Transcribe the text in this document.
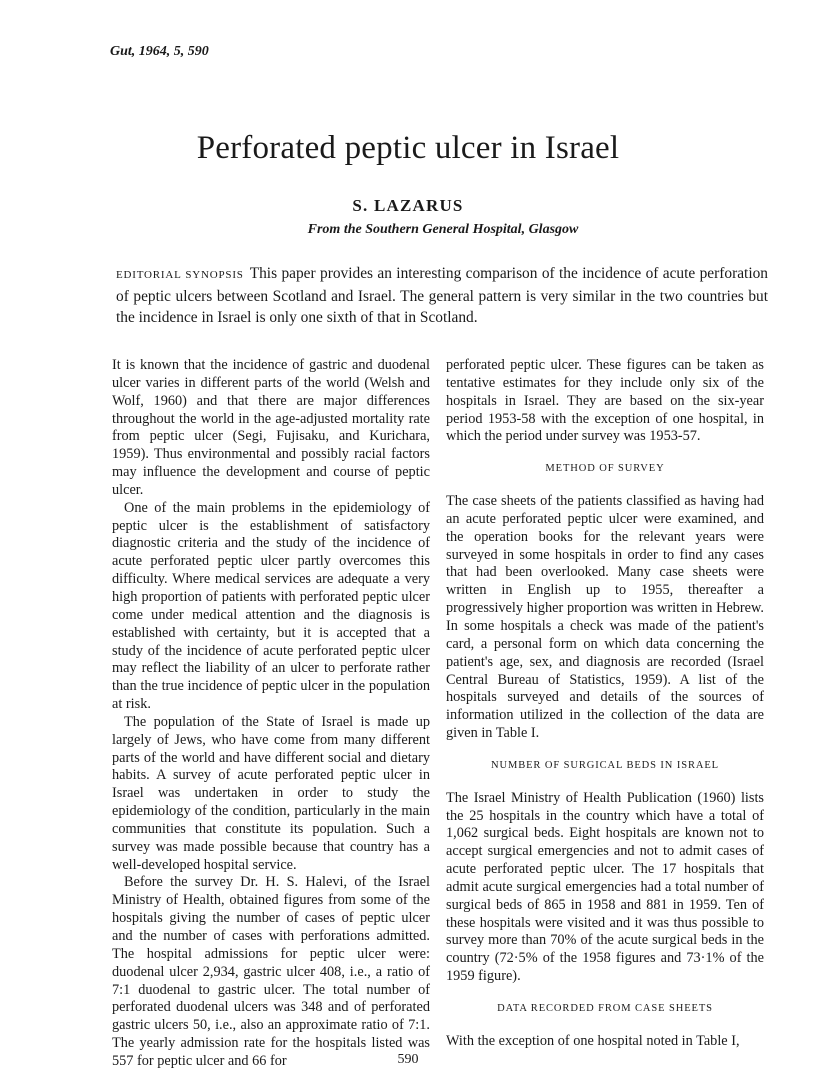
Gut, 1964, 5, 590
Perforated peptic ulcer in Israel
S. LAZARUS
From the Southern General Hospital, Glasgow
EDITORIAL SYNOPSIS This paper provides an interesting comparison of the incidence of acute perforation of peptic ulcers between Scotland and Israel. The general pattern is very similar in the two countries but the incidence in Israel is only one sixth of that in Scotland.

It is known that the incidence of gastric and duodenal ulcer varies in different parts of the world (Welsh and Wolf, 1960) and that there are major differences throughout the world in the age-adjusted mortality rate from peptic ulcer (Segi, Fujisaku, and Kurichara, 1959). Thus environmental and possibly racial factors may influence the development and course of peptic ulcer.

One of the main problems in the epidemiology of peptic ulcer is the establishment of satisfactory diagnostic criteria and the study of the incidence of acute perforated peptic ulcer partly overcomes this difficulty. Where medical services are adequate a very high proportion of patients with perforated peptic ulcer come under medical attention and the diagnosis is established with certainty, but it is accepted that a study of the incidence of acute perforated peptic ulcer may reflect the liability of an ulcer to perforate rather than the true incidence of peptic ulcer in the population at risk.

The population of the State of Israel is made up largely of Jews, who have come from many different parts of the world and have different social and dietary habits. A survey of acute perforated peptic ulcer in Israel was undertaken in order to study the epidemiology of the condition, particularly in the main communities that constitute its population. Such a survey was made possible because that country has a well-developed hospital service.

Before the survey Dr. H. S. Halevi, of the Israel Ministry of Health, obtained figures from some of the hospitals giving the number of cases of peptic ulcer and the number of cases with perforations admitted. The hospital admissions for peptic ulcer were: duodenal ulcer 2,934, gastric ulcer 408, i.e., a ratio of 7:1 duodenal to gastric ulcer. The total number of perforated duodenal ulcers was 348 and of perforated gastric ulcers 50, i.e., also an approximate ratio of 7:1. The yearly admission rate for the hospitals listed was 557 for peptic ulcer and 66 for

perforated peptic ulcer. These figures can be taken as tentative estimates for they include only six of the hospitals in Israel. They are based on the six-year period 1953-58 with the exception of one hospital, in which the period under survey was 1953-57.

METHOD OF SURVEY

The case sheets of the patients classified as having had an acute perforated peptic ulcer were examined, and the operation books for the relevant years were surveyed in some hospitals in order to find any cases that had been overlooked. Many case sheets were written in English up to 1955, thereafter a progressively higher proportion was written in Hebrew. In some hospitals a check was made of the patient's card, a personal form on which data concerning the patient's age, sex, and diagnosis are recorded (Israel Central Bureau of Statistics, 1959). A list of the hospitals surveyed and details of the sources of information utilized in the collection of the data are given in Table I.

NUMBER OF SURGICAL BEDS IN ISRAEL

The Israel Ministry of Health Publication (1960) lists the 25 hospitals in the country which have a total of 1,062 surgical beds. Eight hospitals are known not to accept surgical emergencies and not to admit cases of acute perforated peptic ulcer. The 17 hospitals that admit acute surgical emergencies had a total number of surgical beds of 865 in 1958 and 881 in 1959. Ten of these hospitals were visited and it was thus possible to survey more than 70% of the acute surgical beds in the country (72·5% of the 1958 figures and 73·1% of the 1959 figure).

DATA RECORDED FROM CASE SHEETS

With the exception of one hospital noted in Table I,

590
